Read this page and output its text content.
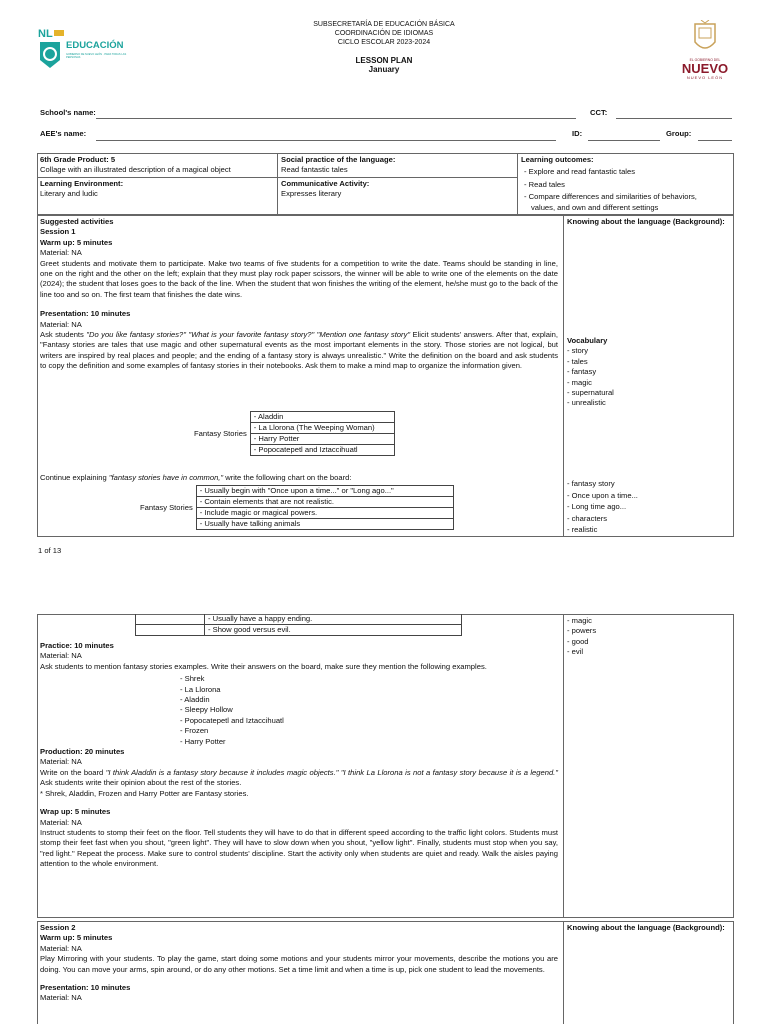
NL
EDUCACIÓN
GOBIERNO DE NUEVO LEÓN · PARA TODAS LAS PERSONAS
SUBSECRETARÍA DE EDUCACIÓN BÁSICA
COORDINACIÓN DE IDIOMAS
CICLO ESCOLAR 2023-2024
LESSON PLAN
January
EL GOBIERNO DEL
NUEVO
NUEVO LEÓN
School's name:	CCT:
AEE's name:	ID:	Group:
6th Grade Product: 5
Collage with an illustrated description of a magical object
Learning Environment:
Literary and ludic
Social practice of the language:
Read fantastic tales
Communicative Activity:
Expresses literary
Learning outcomes:
- Explore and read fantastic tales
- Read tales
- Compare differences and similarities of behaviors,
values, and own and different settings
Suggested activities
Session 1
Warm up: 5 minutes
Material: NA

Greet students and motivate them to participate. Make two teams of five students for a competition to write the date. Teams should be standing in line, one on the right and the other on the left; explain that they must play rock paper scissors, the winner will be able to write one of the elements on the date (2024); the student that loses goes to the back of the line. When the student that won finishes the writing of the element, he/she must go to the back of the line too and so on. The first team that finishes the date wins.

Presentation: 10 minutes
Material: NA

Ask students "Do you like fantasy stories?" "What is your favorite fantasy story?" "Mention one fantasy story" Elicit students' answers. After that, explain, "Fantasy stories are tales that use magic and other supernatural events as the most important elements in the story. Those stories are not logical, but writers are inspired by real places and people; and the ending of a fantasy story is always unrealistic." Write the definition on the board and ask students to copy the definition and some examples of fantasy stories in their notebooks. Ask them to make a mind map to organize the information given.

Fantasy Stories	- Aladdin
- La Llorona (The Weeping Woman)
- Harry Potter
- Popocatepetl and Iztaccihuatl
Continue explaining "fantasy stories have in common," write the following chart on the board:
Fantasy Stories	- Usually begin with "Once upon a time..." or "Long ago..."
- Contain elements that are not realistic.
- Include magic or magical powers.
- Usually have talking animals
Knowing about the language (Background):
Vocabulary
- story
- tales
- fantasy
- magic
- supernatural
- unrealistic
- fantasy story
- Once upon a time...
- Long time ago...
- characters
- realistic
1 of 13
	- Usually have a happy ending.
	- Show good versus evil.
- magic
- powers
- good
- evil
Practice: 10 minutes
Material: NA

Ask students to mention fantasy stories examples. Write their answers on the board, make sure they mention the following examples.

- Shrek
- La Llorona
- Aladdin
- Sleepy Hollow
- Popocatepetl and Iztaccihuatl
- Frozen
- Harry Potter
Production: 20 minutes
Material: NA

Write on the board "I think Aladdin is a fantasy story because it includes magic objects." "I think La Llorona is not a fantasy story because it is a legend." Ask students write their opinion about the rest of the stories.

* Shrek, Aladdin, Frozen and Harry Potter are Fantasy stories.
Wrap up: 5 minutes
Material: NA

Instruct students to stomp their feet on the floor. Tell students they will have to do that in different speed according to the traffic light colors. Students must stomp their feet fast when you shout, "green light". They will have to slow down when you shout, "yellow light". Finally, students must stop when you say, "red light." Repeat the process. Make sure to control students' discipline. Start the activity only when students are quiet and ready. Walk the aisles paying attention to the whole environment.

Session 2
Warm up: 5 minutes
Material: NA

Play Mirroring with your students. To play the game, start doing some motions and your students mirror your movements, describe the motions you are doing. You can move your arms, spin around, or do any other motions. Set a time limit and when a time is up, pick one student to lead the movements.

Presentation: 10 minutes
Material: NA
Knowing about the language (Background):
